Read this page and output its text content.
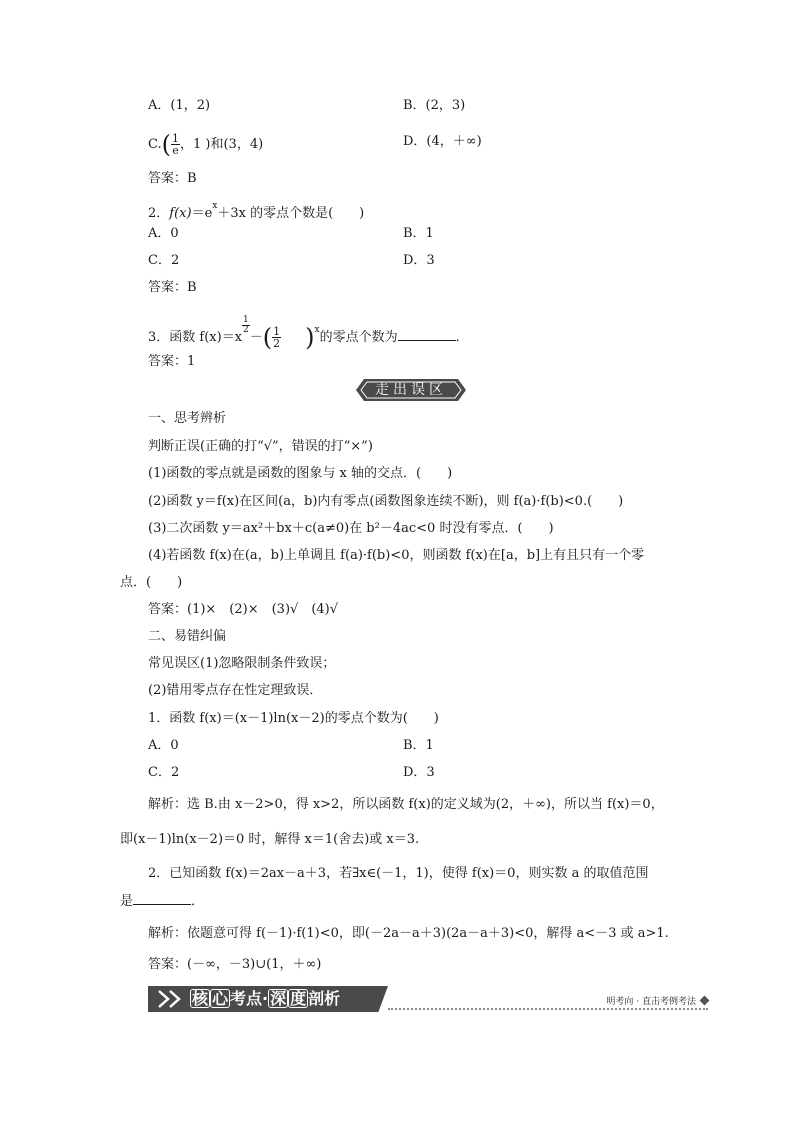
A．(1，2)	B．(2，3)
$C.( \frac{1}{e}$ ，1 )和(3，4)	D．(4，＋∞)
答案：B
2．$f(x)=e^x+3x$ 的零点个数是(　　)
A．0	B．1
C．2	D．3
答案：B
3．函数 f(x)＝x
$\frac{1}{2}$
－( $\frac{1}{2} )^x$的零点个数为	．
答案：1
走出误区
一、思考辨析
判断正误(正确的打“√”，错误的打“×”)
(1)函数的零点就是函数的图象与 x 轴的交点．(　　)
(2)函数 y＝f(x)在区间(a，b)内有零点(函数图象连续不断)，则 f(a)·f(b)<0.(　　)
(3)二次函数 y＝ax²＋bx＋c(a≠0)在 b²－4ac<0 时没有零点．(　　)
(4)若函数 f(x)在(a，b)上单调且 f(a)·f(b)<0，则函数 f(x)在[a，b]上有且只有一个零
点．(　　)
答案：(1)×　(2)×　(3)√　(4)√
二、易错纠偏
常见误区(1)忽略限制条件致误；
(2)错用零点存在性定理致误．
1．函数 f(x)＝(x－1)ln(x－2)的零点个数为(　　)
A．0	B．1
C．2	D．3
解析：选 B.由 x－2>0，得 x>2，所以函数 f(x)的定义域为(2，＋∞)，所以当 f(x)＝0，
即(x－1)ln(x－2)＝0 时，解得 x＝1(舍去)或 x＝3.
2．已知函数 f(x)＝2ax－a＋3，若∃x∈(－1，1)，使得 f(x)＝0，则实数 a 的取值范围
是	．
解析：依题意可得 f(－1)·f(1)<0，即(－2a－a＋3)(2a－a＋3)<0，解得 a<－3 或 a>1.
答案：(－∞，－3)∪(1，＋∞)
核 心 考点· 深 度 剖析	明考向 · 直击考例考法
